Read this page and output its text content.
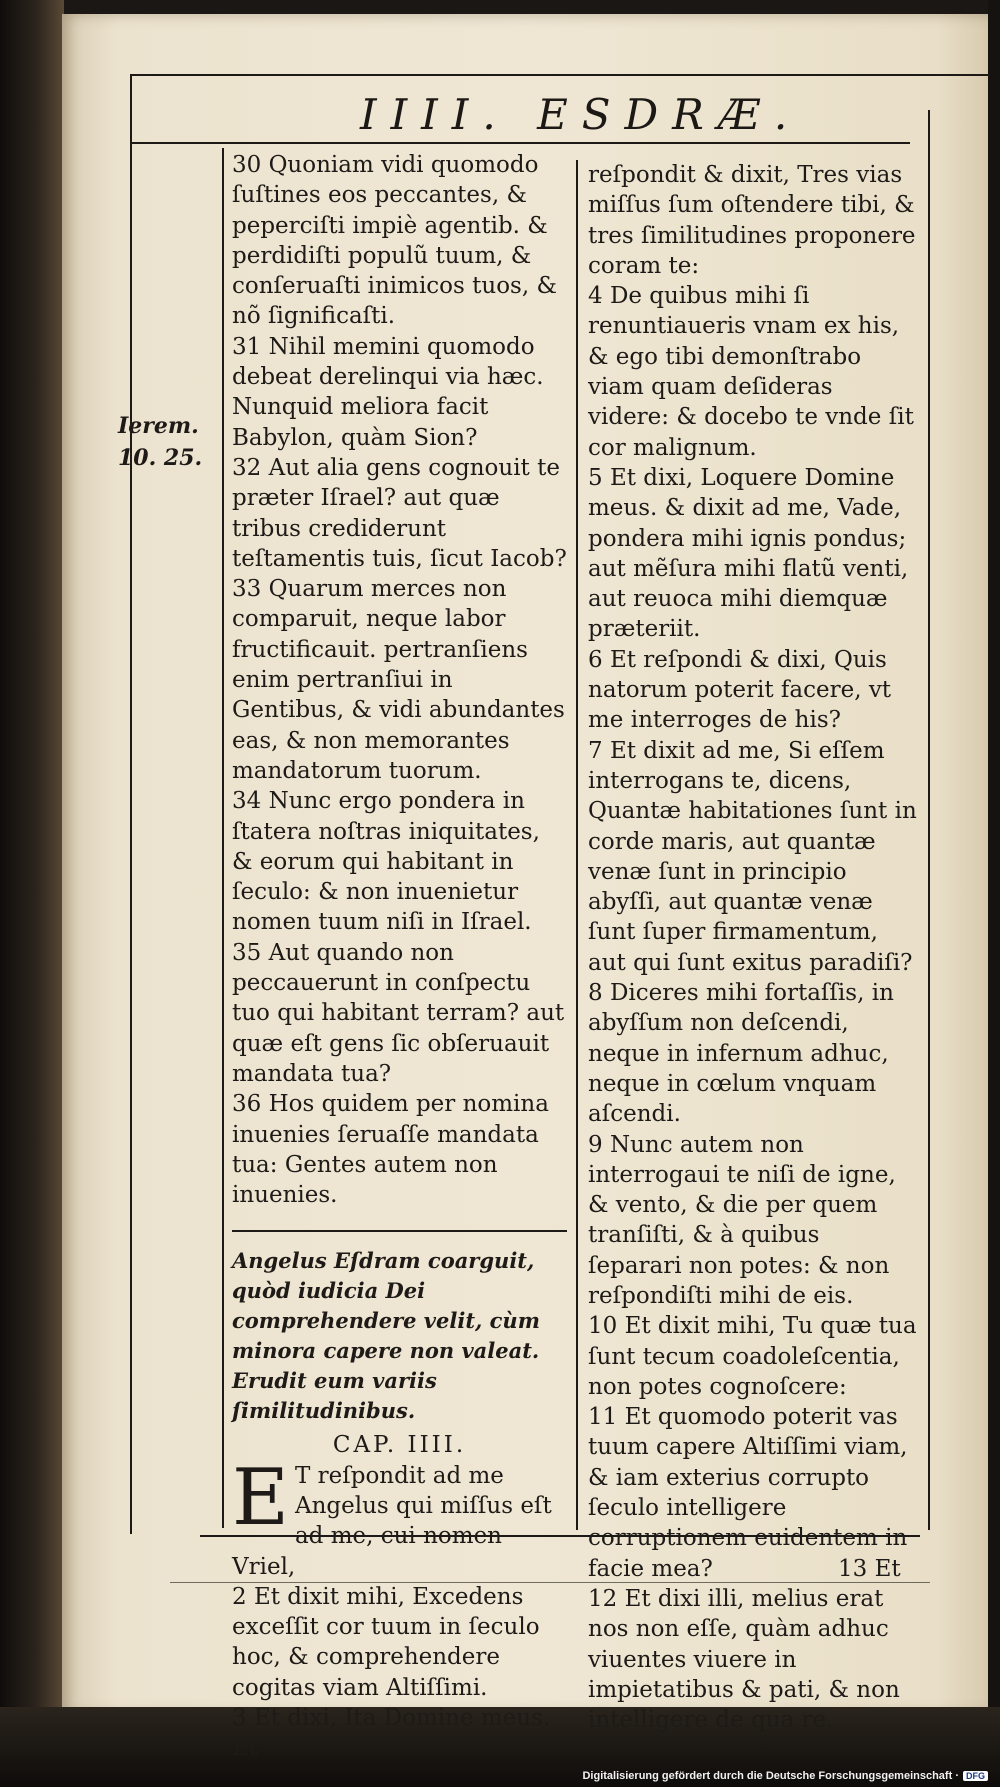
IIII. ESDRÆ.
Ierem.
10. 25.

30 Quoniam vidi quomodo ſuſtines eos peccantes, & peperciſti impiè agentib. & perdidiſti populũ tuum, & conſeruaſti inimicos tuos, & nõ ſignificaſti.

31 Nihil memini quomodo debeat derelinqui via hæc. Nunquid meliora facit Babylon, quàm Sion?

32 Aut alia gens cognouit te præter Iſrael? aut quæ tribus crediderunt teſtamentis tuis, ſicut Iacob?

33 Quarum merces non comparuit, neque labor fructificauit. pertranſiens enim pertranſiui in Gentibus, & vidi abundantes eas, & non memorantes mandatorum tuorum.

34 Nunc ergo pondera in ſtatera noſtras iniquitates, & eorum qui habitant in ſeculo: & non inuenietur nomen tuum niſi in Iſrael.

35 Aut quando non peccauerunt in conſpectu tuo qui habitant terram? aut quæ eſt gens ſic obſeruauit mandata tua?

36 Hos quidem per nomina inuenies ſeruaſſe mandata tua: Gentes autem non inuenies.

Angelus Eſdram coarguit, quòd iudicia Dei comprehendere velit, cùm minora capere non valeat. Erudit eum variis ſimilitudinibus.

CAP. IIII.

E T reſpondit ad me Angelus qui miſſus eſt ad me, cui nomen Vriel,

2 Et dixit mihi, Excedens exceſſit cor tuum in ſeculo hoc, & comprehendere cogitas viam Altiſſimi.

3 Et dixi, Ita Domine meus. Et

reſpondit & dixit, Tres vias miſſus ſum oſtendere tibi, & tres ſimilitudines proponere coram te:

4 De quibus mihi ſi renuntiaueris vnam ex his, & ego tibi demonſtrabo viam quam deſideras videre: & docebo te vnde ſit cor malignum.

5 Et dixi, Loquere Domine meus. & dixit ad me, Vade, pondera mihi ignis pondus; aut mẽſura mihi flatũ venti, aut reuoca mihi diemquæ præteriit.

6 Et reſpondi & dixi, Quis natorum poterit facere, vt me interroges de his?

7 Et dixit ad me, Si eſſem interrogans te, dicens, Quantæ habitationes ſunt in corde maris, aut quantæ venæ ſunt in principio abyſſi, aut quantæ venæ ſunt ſuper firmamentum, aut qui ſunt exitus paradiſi?

8 Diceres mihi fortaſſis, in abyſſum non deſcendi, neque in infernum adhuc, neque in cœlum vnquam aſcendi.

9 Nunc autem non interrogaui te niſi de igne, & vento, & die per quem tranſiſti, & à quibus ſeparari non potes: & non reſpondiſti mihi de eis.

10 Et dixit mihi, Tu quæ tua ſunt tecum coadoleſcentia, non potes cognoſcere:

11 Et quomodo poterit vas tuum capere Altiſſimi viam, & iam exterius corrupto ſeculo intelligere corruptionem euidentem in facie mea?

12 Et dixi illi, melius erat nos non eſſe, quàm adhuc viuentes viuere in impietatibus & pati, & non intelligere de qua re.

13 Et
Digitalisierung gefördert durch die Deutsche Forschungsgemeinschaft · DFG
